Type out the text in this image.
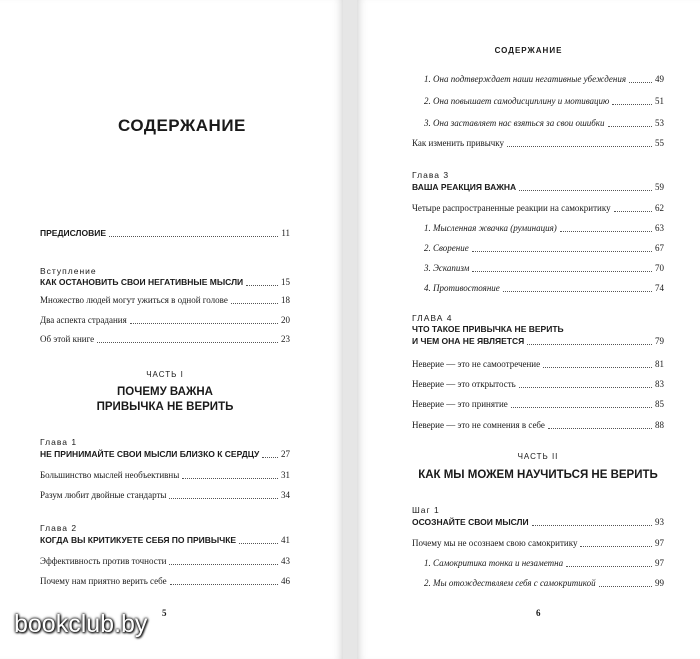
СОДЕРЖАНИЕ
ПРЕДИСЛОВИЕ	11
Вступление
КАК ОСТАНОВИТЬ СВОИ НЕГАТИВНЫЕ МЫСЛИ	15
Множество людей могут ужиться в одной голове	18
Два аспекта страдания	20
Об этой книге	23
ЧАСТЬ I
ПОЧЕМУ ВАЖНА
ПРИВЫЧКА НЕ ВЕРИТЬ
Глава 1
НЕ ПРИНИМАЙТЕ СВОИ МЫСЛИ БЛИЗКО К СЕРДЦУ 27
Большинство мыслей необъективны	31
Разум любит двойные стандарты	34
Глава 2
КОГДА ВЫ КРИТИКУЕТЕ СЕБЯ ПО ПРИВЫЧКЕ	41
Эффективность против точности	43
Почему нам приятно верить себе	46
5
СОДЕРЖАНИЕ
1. Она подтверждает наши негативные убеждения	49
2. Она повышает самодисциплину и мотивацию	51
3. Она заставляет нас взяться за свои ошибки	53
Как изменить привычку	55
Глава 3
ВАША РЕАКЦИЯ ВАЖНА	59
Четыре распространенные реакции на самокритику	62
1. Мысленная жвачка (руминация)	63
2. Сворение	67
3. Эскапизм	70
4. Противостояние	74
ГЛАВА 4
ЧТО ТАКОЕ ПРИВЫЧКА НЕ ВЕРИТЬ
И ЧЕМ ОНА НЕ ЯВЛЯЕТСЯ	79
Неверие — это не самоотречение	81
Неверие — это открытость	83
Неверие — это принятие	85
Неверие — это не сомнения в себе	88
ЧАСТЬ II
КАК МЫ МОЖЕМ НАУЧИТЬСЯ НЕ ВЕРИТЬ
Шаг 1
ОСОЗНАЙТЕ СВОИ МЫСЛИ	93
Почему мы не осознаем свою самокритику	97
1. Самокритика тонка и незаметна	97
2. Мы отождествляем себя с самокритикой	99
6
bookclub.by
